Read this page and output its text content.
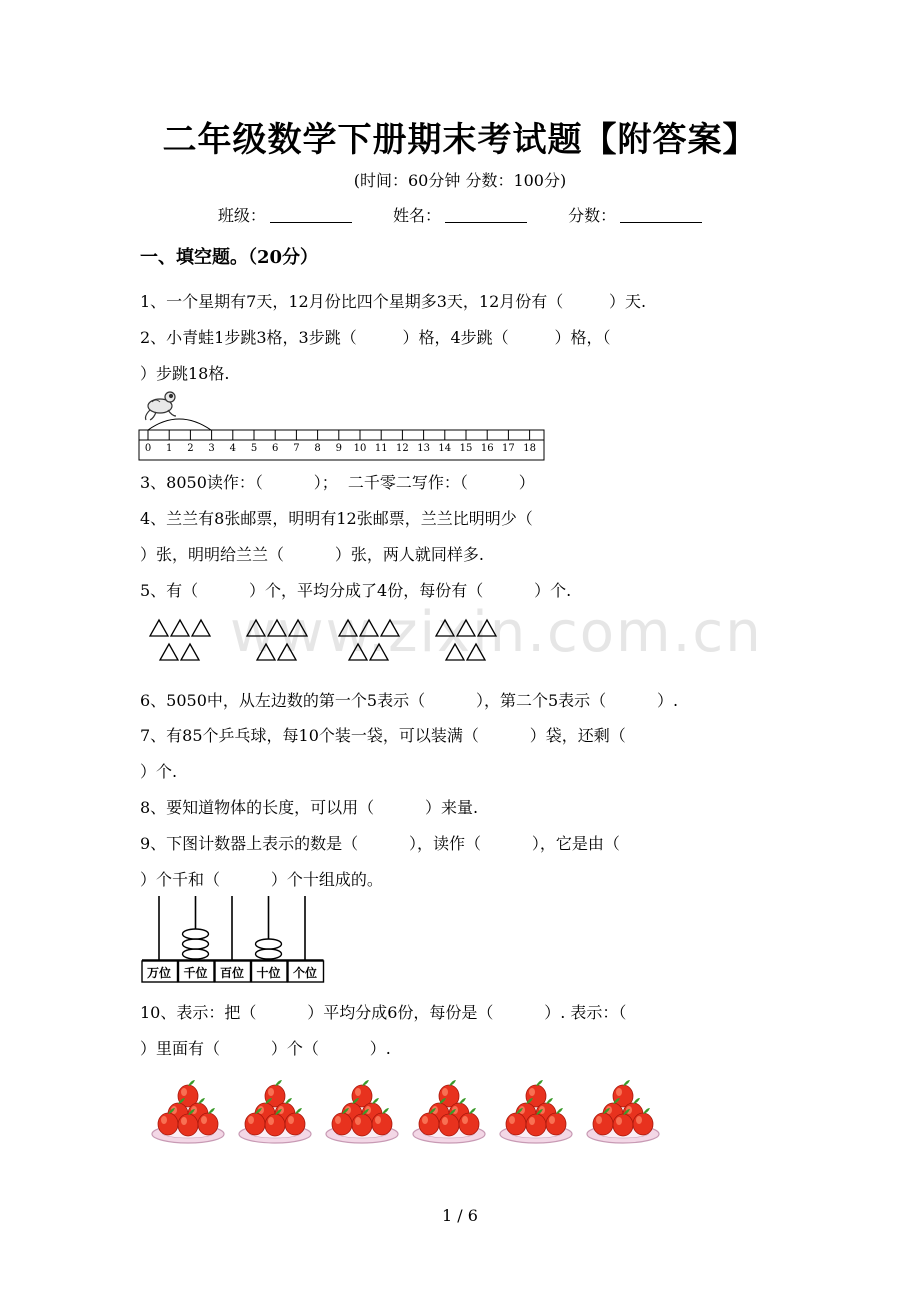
二年级数学下册期末考试题【附答案】
(时间：60分钟 分数：100分)
班级：	姓名：	分数：
一、填空题。（20分）
1、一个星期有7天，12月份比四个星期多3天，12月份有（         ）天.
2、小青蛙1步跳3格，3步跳（         ）格，4步跳（         ）格，（
）步跳18格.
0 1 2 3 4 5 6 7 8 9 10 11 12 13 14 15 16 17 18
3、8050读作：（          ）；  二千零二写作：（          ）
4、兰兰有8张邮票，明明有12张邮票，兰兰比明明少（
）张，明明给兰兰（          ）张，两人就同样多.
5、有（          ）个，平均分成了4份，每份有（          ）个.
www.zixin.com.cn
6、5050中，从左边数的第一个5表示（          ），第二个5表示（          ）.
7、有85个乒乓球，每10个装一袋，可以装满（          ）袋，还剩（
）个.
8、要知道物体的长度，可以用（          ）来量.
9、下图计数器上表示的数是（          ），读作（          ），它是由（
）个千和（          ）个十组成的。
万位 千位 百位 十位 个位
10、表示：把（          ）平均分成6份，每份是（          ）. 表示：（
）里面有（          ）个（          ）.
1 / 6
